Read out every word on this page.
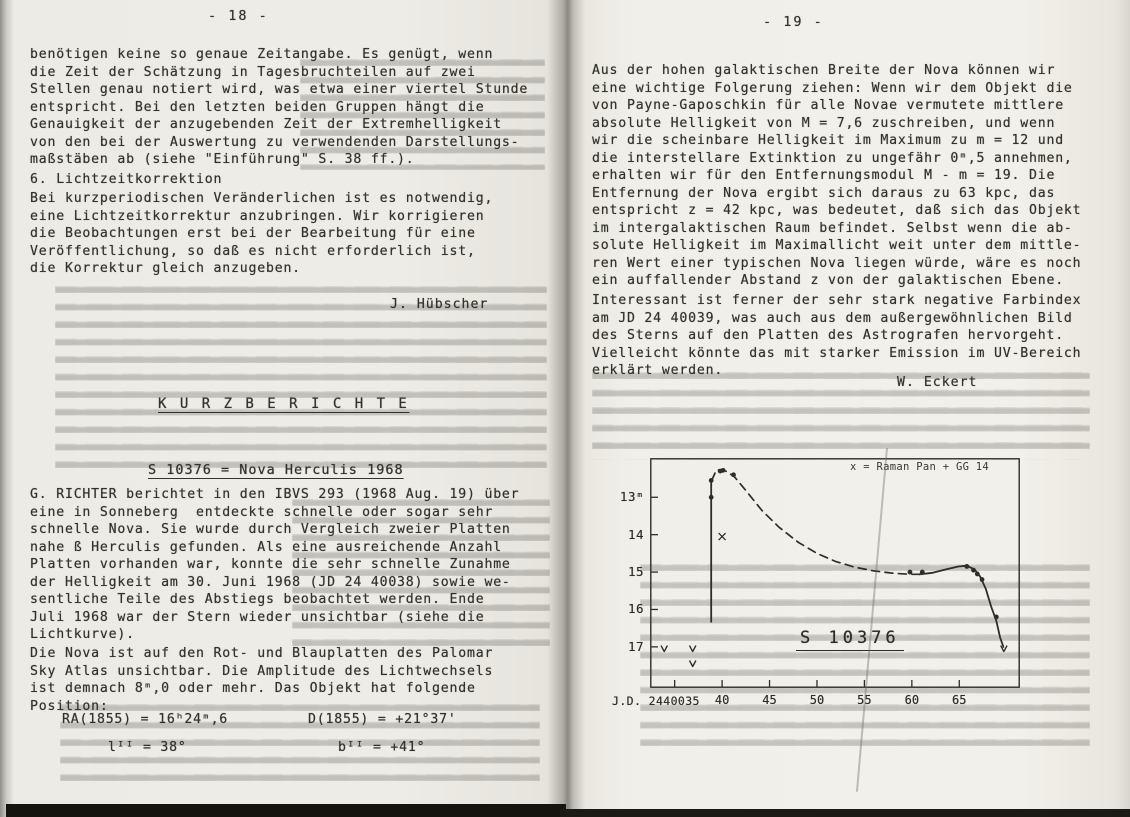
- 18 -
benötigen keine so genaue Zeitangabe. Es genügt, wenn
die Zeit der Schätzung in Tagesbruchteilen auf zwei
Stellen genau notiert wird, was etwa einer viertel Stunde
entspricht. Bei den letzten beiden Gruppen hängt die
Genauigkeit der anzugebenden Zeit der Extremhelligkeit
von den bei der Auswertung zu verwendenden Darstellungs-
maßstäben ab (siehe "Einführung" S. 38 ff.).
6. Lichtzeitkorrektion
Bei kurzperiodischen Veränderlichen ist es notwendig,
eine Lichtzeitkorrektur anzubringen. Wir korrigieren
die Beobachtungen erst bei der Bearbeitung für eine
Veröffentlichung, so daß es nicht erforderlich ist,
die Korrektur gleich anzugeben.
J. Hübscher
K U R Z B E R I C H T E
S 10376 = Nova Herculis 1968
G. RICHTER berichtet in den IBVS 293 (1968 Aug. 19) über
eine in Sonneberg  entdeckte schnelle oder sogar sehr
schnelle Nova. Sie wurde durch Vergleich zweier Platten
nahe ß Herculis gefunden. Als eine ausreichende Anzahl
Platten vorhanden war, konnte die sehr schnelle Zunahme
der Helligkeit am 30. Juni 1968 (JD 24 40038) sowie we-
sentliche Teile des Abstiegs beobachtet werden. Ende
Juli 1968 war der Stern wieder unsichtbar (siehe die
Lichtkurve).
Die Nova ist auf den Rot- und Blauplatten des Palomar
Sky Atlas unsichtbar. Die Amplitude des Lichtwechsels
ist demnach 8ᵐ,0 oder mehr. Das Objekt hat folgende
Position:
RA(1855) = 16ʰ24ᵐ,6	D(1855) = +21°37'
lᴵᴵ = 38°	bᴵᴵ = +41°
- 19 -
Aus der hohen galaktischen Breite der Nova können wir
eine wichtige Folgerung ziehen: Wenn wir dem Objekt die
von Payne-Gaposchkin für alle Novae vermutete mittlere
absolute Helligkeit von M = 7,6 zuschreiben, und wenn
wir die scheinbare Helligkeit im Maximum zu m = 12 und
die interstellare Extinktion zu ungefähr 0ᵐ,5 annehmen,
erhalten wir für den Entfernungsmodul M - m = 19. Die
Entfernung der Nova ergibt sich daraus zu 63 kpc, das
entspricht z = 42 kpc, was bedeutet, daß sich das Objekt
im intergalaktischen Raum befindet. Selbst wenn die ab-
solute Helligkeit im Maximallicht weit unter dem mittle-
ren Wert einer typischen Nova liegen würde, wäre es noch
ein auffallender Abstand z von der galaktischen Ebene.
Interessant ist ferner der sehr stark negative Farbindex
am JD 24 40039, was auch aus dem außergewöhnlichen Bild
des Sterns auf den Platten des Astrografen hervorgeht.
Vielleicht könnte das mit starker Emission im UV-Bereich
erklärt werden.
W. Eckert
13ᵐ
14
15
16
17
40	45	50	55	60	65
J.D. 2440035
x = Raman Pan + GG 14
S 10376
